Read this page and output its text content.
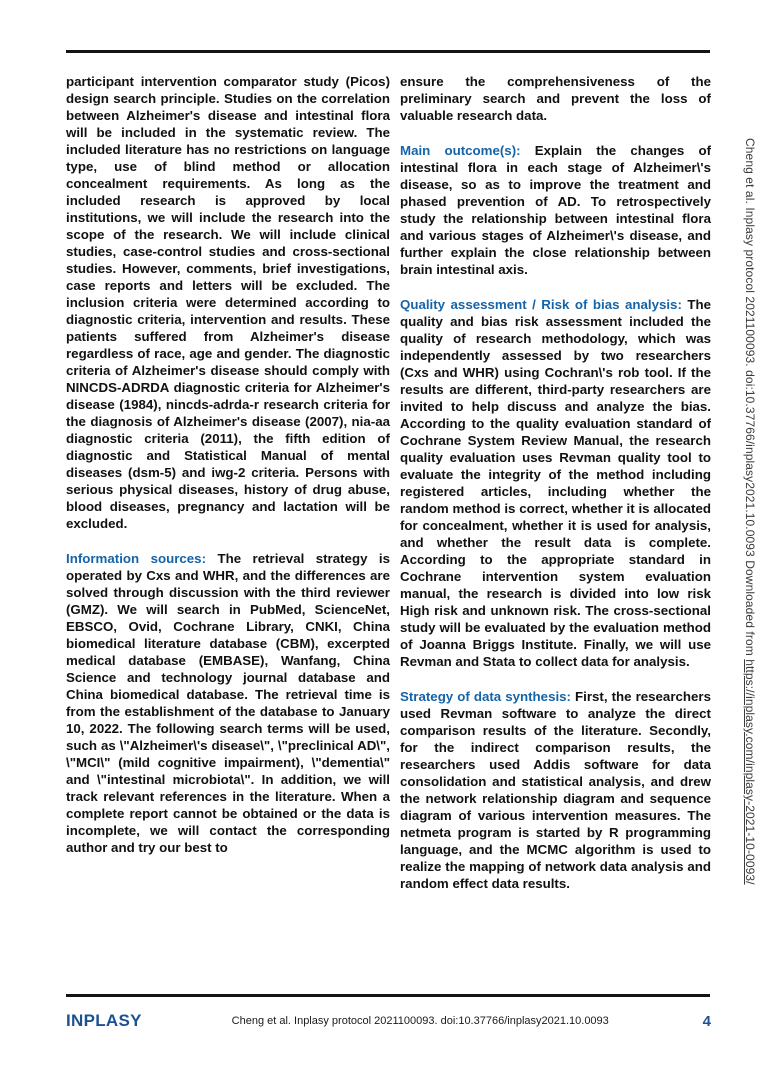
participant intervention comparator study (Picos) design search principle. Studies on the correlation between Alzheimer's disease and intestinal flora will be included in the systematic review. The included literature has no restrictions on language type, use of blind method or allocation concealment requirements. As long as the included research is approved by local institutions, we will include the research into the scope of the research. We will include clinical studies, case-control studies and cross-sectional studies. However, comments, brief investigations, case reports and letters will be excluded. The inclusion criteria were determined according to diagnostic criteria, intervention and results. These patients suffered from Alzheimer's disease regardless of race, age and gender. The diagnostic criteria of Alzheimer's disease should comply with NINCDS-ADRDA diagnostic criteria for Alzheimer's disease (1984), nincds-adrda-r research criteria for the diagnosis of Alzheimer's disease (2007), nia-aa diagnostic criteria (2011), the fifth edition of diagnostic and Statistical Manual of mental diseases (dsm-5) and iwg-2 criteria. Persons with serious physical diseases, history of drug abuse, blood diseases, pregnancy and lactation will be excluded.

Information sources: The retrieval strategy is operated by Cxs and WHR, and the differences are solved through discussion with the third reviewer (GMZ). We will search in PubMed, ScienceNet, EBSCO, Ovid, Cochrane Library, CNKI, China biomedical literature database (CBM), excerpted medical database (EMBASE), Wanfang, China Science and technology journal database and China biomedical database. The retrieval time is from the establishment of the database to January 10, 2022. The following search terms will be used, such as \"Alzheimer\'s disease\", \"preclinical AD\", \"MCI\" (mild cognitive impairment), \"dementia\" and \"intestinal microbiota\". In addition, we will track relevant references in the literature. When a complete report cannot be obtained or the data is incomplete, we will contact the corresponding author and try our best to

ensure the comprehensiveness of the preliminary search and prevent the loss of valuable research data.

Main outcome(s): Explain the changes of intestinal flora in each stage of Alzheimer\'s disease, so as to improve the treatment and phased prevention of AD. To retrospectively study the relationship between intestinal flora and various stages of Alzheimer\'s disease, and further explain the close relationship between brain intestinal axis.

Quality assessment / Risk of bias analysis: The quality and bias risk assessment included the quality of research methodology, which was independently assessed by two researchers (Cxs and WHR) using Cochran\'s rob tool. If the results are different, third-party researchers are invited to help discuss and analyze the bias. According to the quality evaluation standard of Cochrane System Review Manual, the research quality evaluation uses Revman quality tool to evaluate the integrity of the method including registered articles, including whether the random method is correct, whether it is allocated for concealment, whether it is used for analysis, and whether the result data is complete. According to the appropriate standard in Cochrane intervention system evaluation manual, the research is divided into low risk High risk and unknown risk. The cross-sectional study will be evaluated by the evaluation method of Joanna Briggs Institute. Finally, we will use Revman and Stata to collect data for analysis.

Strategy of data synthesis: First, the researchers used Revman software to analyze the direct comparison results of the literature. Secondly, for the indirect comparison results, the researchers used Addis software for data consolidation and statistical analysis, and drew the network relationship diagram and sequence diagram of various intervention measures. The netmeta program is started by R programming language, and the MCMC algorithm is used to realize the mapping of network data analysis and random effect data results.

INPLASY	Cheng et al. Inplasy protocol 2021100093. doi:10.37766/inplasy2021.10.0093	4
Cheng et al. Inplasy protocol 2021100093. doi:10.37766/inplasy2021.10.0093 Downloaded from https://inplasy.com/inplasy-2021-10-0093/
